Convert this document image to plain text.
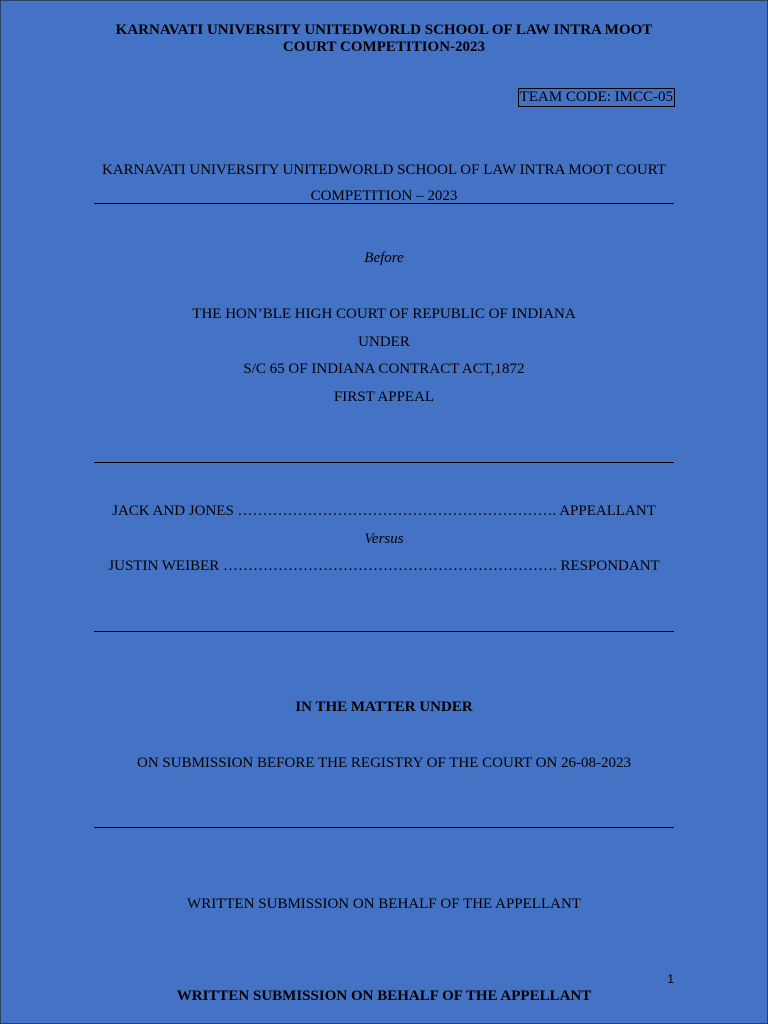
KARNAVATI UNIVERSITY UNITEDWORLD SCHOOL OF LAW INTRA MOOT COURT COMPETITION-2023
TEAM CODE: IMCC-05
KARNAVATI UNIVERSITY UNITEDWORLD SCHOOL OF LAW INTRA MOOT COURT COMPETITION – 2023
Before
THE HON’BLE HIGH COURT OF REPUBLIC OF INDIANA
UNDER
S/C 65 OF INDIANA CONTRACT ACT,1872
FIRST APPEAL
JACK AND JONES ………………………………………………………. APPEALLANT
Versus
JUSTIN WEIBER …………………………………………………………. RESPONDANT
IN THE MATTER UNDER
ON SUBMISSION BEFORE THE REGISTRY OF THE COURT ON 26-08-2023
WRITTEN SUBMISSION ON BEHALF OF THE APPELLANT
1
WRITTEN SUBMISSION ON BEHALF OF THE APPELLANT
